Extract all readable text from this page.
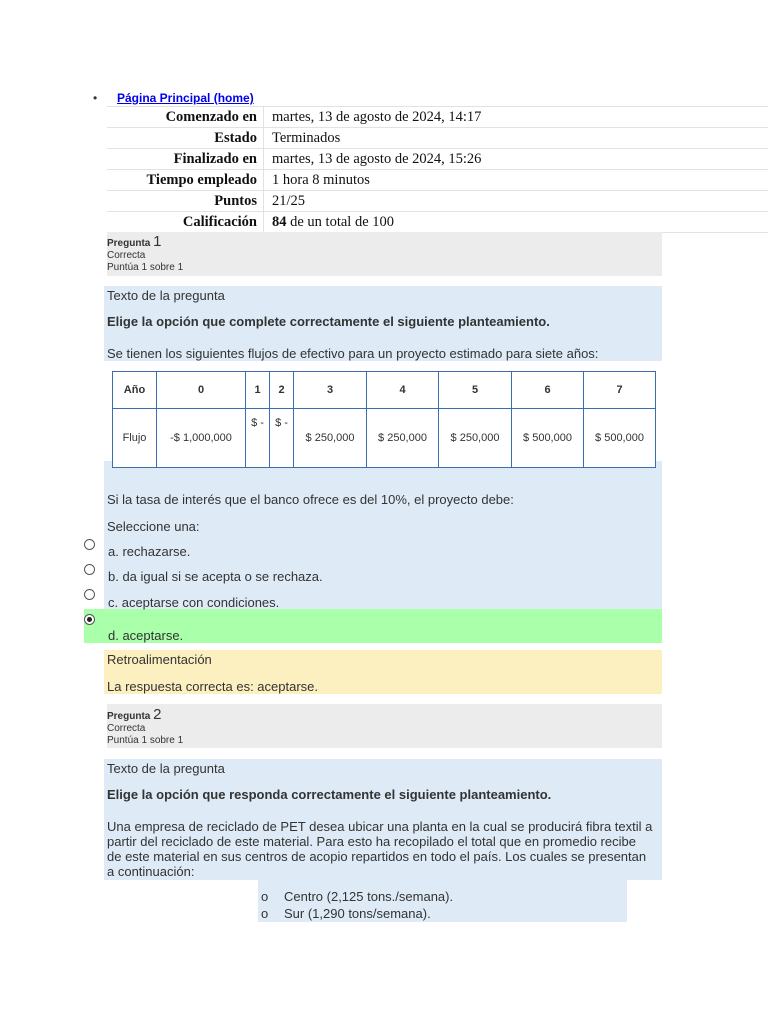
• Página Principal (home)
Comenzado en	martes, 13 de agosto de 2024, 14:17
Estado	Terminados
Finalizado en	martes, 13 de agosto de 2024, 15:26
Tiempo empleado	1 hora 8 minutos
Puntos	21/25
Calificación	84 de un total de 100
Pregunta 1
Correcta
Puntúa 1 sobre 1
Texto de la pregunta
Elige la opción que complete correctamente el siguiente planteamiento.
Se tienen los siguientes flujos de efectivo para un proyecto estimado para siete años:
Año	0	1	2	3	4	5	6	7
Flujo	-$ 1,000,000	$ -	$ -	$ 250,000	$ 250,000	$ 250,000	$ 500,000	$ 500,000
Si la tasa de interés que el banco ofrece es del 10%, el proyecto debe:
Seleccione una:
a. rechazarse.
b. da igual si se acepta o se rechaza.
c. aceptarse con condiciones.
d. aceptarse.
Retroalimentación
La respuesta correcta es: aceptarse.
Pregunta 2
Correcta
Puntúa 1 sobre 1
Texto de la pregunta
Elige la opción que responda correctamente el siguiente planteamiento.
Una empresa de reciclado de PET desea ubicar una planta en la cual se producirá fibra textil a
partir del reciclado de este material. Para esto ha recopilado el total que en promedio recibe
de este material en sus centros de acopio repartidos en todo el país. Los cuales se presentan
a continuación:
o Centro (2,125 tons./semana).
o Sur (1,290 tons/semana).
